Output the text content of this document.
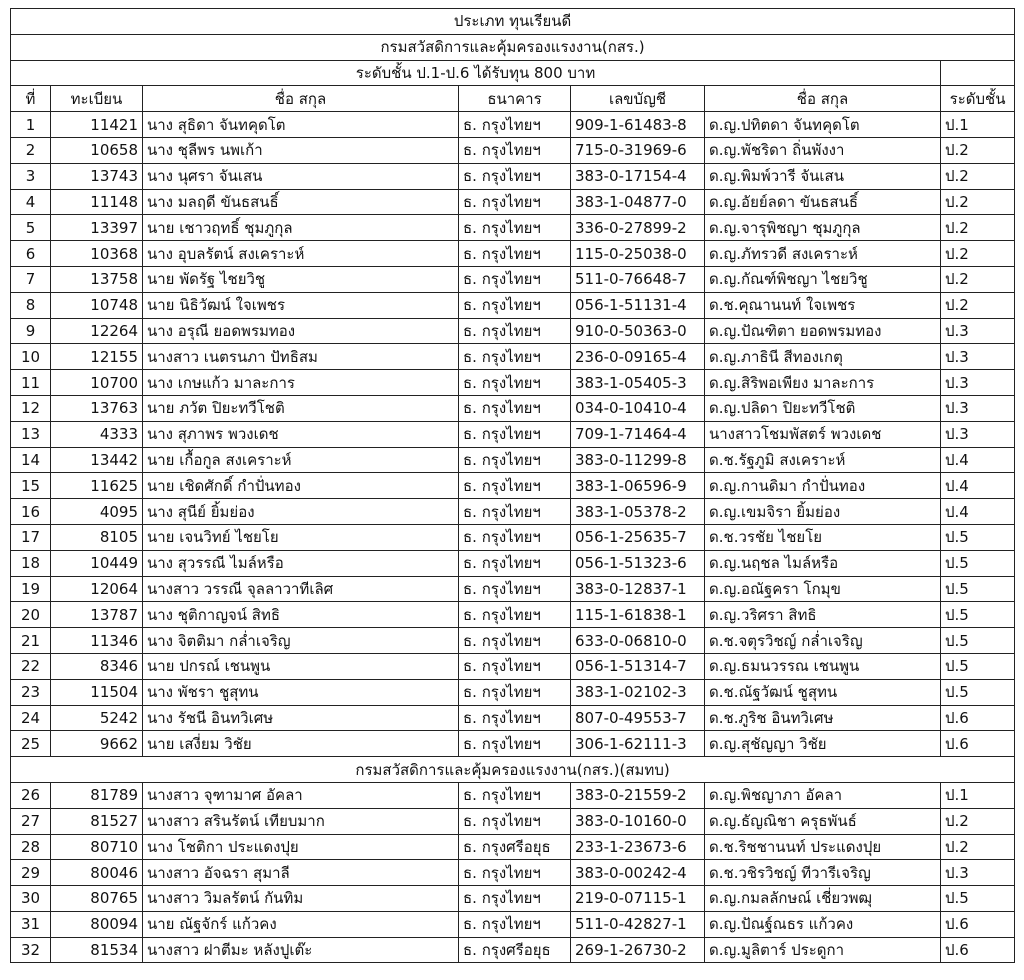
ประเภท ทุนเรียนดี						
กรมสวัสดิการและคุ้มครองแรงงาน(กสร.)						
ระดับชั้น ป.1-ป.6 ได้รับทุน 800 บาท						
ที่	ทะเบียน	ชื่อ สกุล	ธนาคาร	เลขบัญชี	ชื่อ สกุล	ระดับชั้น
1	11421	นาง สุธิดา จันทคุดโต	ธ. กรุงไทยฯ	909-1-61483-8	ด.ญ.ปทิตดา จันทคุดโต	ป.1
2	10658	นาง ชุลีพร นพเก้า	ธ. กรุงไทยฯ	715-0-31969-6	ด.ญ.พัชริดา ถิ่นพังงา	ป.2
3	13743	นาง นุศรา จันเสน	ธ. กรุงไทยฯ	383-0-17154-4	ด.ญ.พิมพ์วารี จันเสน	ป.2
4	11148	นาง มลฤดี ขันธสนธิ์	ธ. กรุงไทยฯ	383-1-04877-0	ด.ญ.อัยย์ลดา ขันธสนธิ์	ป.2
5	13397	นาย เชาวฤทธิ์ ชุมภูกุล	ธ. กรุงไทยฯ	336-0-27899-2	ด.ญ.จารุพิชญา ชุมภูกุล	ป.2
6	10368	นาง อุบลรัตน์ สงเคราะห์	ธ. กรุงไทยฯ	115-0-25038-0	ด.ญ.ภัทรวดี สงเคราะห์	ป.2
7	13758	นาย พัดรัฐ ไชยวิชู	ธ. กรุงไทยฯ	511-0-76648-7	ด.ญ.กัณฑ์พิชญา ไชยวิชู	ป.2
8	10748	นาย นิธิวัฒน์ ใจเพชร	ธ. กรุงไทยฯ	056-1-51131-4	ด.ช.คุณานนท์ ใจเพชร	ป.2
9	12264	นาง อรุณี ยอดพรมทอง	ธ. กรุงไทยฯ	910-0-50363-0	ด.ญ.ปัณฑิตา ยอดพรมทอง	ป.3
10	12155	นางสาว เนตรนภา ปัทธิสม	ธ. กรุงไทยฯ	236-0-09165-4	ด.ญ.ภาธินี สีทองเกตุ	ป.3
11	10700	นาง เกษแก้ว มาละการ	ธ. กรุงไทยฯ	383-1-05405-3	ด.ญ.สิริพอเพียง มาละการ	ป.3
12	13763	นาย ภวัต ปิยะทวีโชติ	ธ. กรุงไทยฯ	034-0-10410-4	ด.ญ.ปลิดา ปิยะทวีโชติ	ป.3
13	4333	นาง สุภาพร พวงเดช	ธ. กรุงไทยฯ	709-1-71464-4	นางสาวโชมพัสตร์ พวงเดช	ป.3
14	13442	นาย เกื้อกูล สงเคราะห์	ธ. กรุงไทยฯ	383-0-11299-8	ด.ช.รัฐภูมิ สงเคราะห์	ป.4
15	11625	นาย เชิดศักดิ์ กำปั่นทอง	ธ. กรุงไทยฯ	383-1-06596-9	ด.ญ.กานดิมา กำปั่นทอง	ป.4
16	4095	นาง สุนีย์ ยิ้มย่อง	ธ. กรุงไทยฯ	383-1-05378-2	ด.ญ.เขมจิรา ยิ้มย่อง	ป.4
17	8105	นาย เจนวิทย์ ไชยโย	ธ. กรุงไทยฯ	056-1-25635-7	ด.ช.วรชัย ไชยโย	ป.5
18	10449	นาง สุวรรณี ไมล์หรือ	ธ. กรุงไทยฯ	056-1-51323-6	ด.ญ.นฤชล ไมล์หรือ	ป.5
19	12064	นางสาว วรรณี จุลลาวาทีเลิศ	ธ. กรุงไทยฯ	383-0-12837-1	ด.ญ.อณัฐครา โกมุข	ป.5
20	13787	นาง ชุติกาญจน์ สิทธิ	ธ. กรุงไทยฯ	115-1-61838-1	ด.ญ.วริศรา สิทธิ	ป.5
21	11346	นาง จิตติมา กล่ำเจริญ	ธ. กรุงไทยฯ	633-0-06810-0	ด.ช.จตุรวิชญ์ กล่ำเจริญ	ป.5
22	8346	นาย ปกรณ์ เชนพูน	ธ. กรุงไทยฯ	056-1-51314-7	ด.ญ.ธมนวรรณ เชนพูน	ป.5
23	11504	นาง พัชรา ชูสุทน	ธ. กรุงไทยฯ	383-1-02102-3	ด.ช.ณัฐวัฒน์ ชูสุทน	ป.5
24	5242	นาง รัชนี อินทวิเศษ	ธ. กรุงไทยฯ	807-0-49553-7	ด.ช.ภูริช อินทวิเศษ	ป.6
25	9662	นาย เสงี่ยม วิชัย	ธ. กรุงไทยฯ	306-1-62111-3	ด.ญ.สุชัญญา วิชัย	ป.6
กรมสวัสดิการและคุ้มครองแรงงาน(กสร.)(สมทบ)						
26	81789	นางสาว จุฑามาศ อัคลา	ธ. กรุงไทยฯ	383-0-21559-2	ด.ญ.พิชญาภา อัคลา	ป.1
27	81527	นางสาว สรินรัตน์ เทียบมาก	ธ. กรุงไทยฯ	383-0-10160-0	ด.ญ.ธัญณิชา ครุธพันธ์	ป.2
28	80710	นาง โชติกา ประแดงปุย	ธ. กรุงศรีอยุธ	233-1-23673-6	ด.ช.ริชชานนท์ ประแดงปุย	ป.2
29	80046	นางสาว อัจฉรา สุมาลี	ธ. กรุงไทยฯ	383-0-00242-4	ด.ช.วชิรวิชญ์ ทีวารีเจริญ	ป.3
30	80765	นางสาว วิมลรัตน์ กันทิม	ธ. กรุงไทยฯ	219-0-07115-1	ด.ญ.กมลลักษณ์ เชี่ยวพฒุ	ป.5
31	80094	นาย ณัฐจักร์ แก้วคง	ธ. กรุงไทยฯ	511-0-42827-1	ด.ญ.ปัณฐ์ณธร แก้วคง	ป.6
32	81534	นางสาว ฝาตีมะ หลังปูเต๊ะ	ธ. กรุงศรีอยุธ	269-1-26730-2	ด.ญ.มูลิตาร์ ประดูกา	ป.6
